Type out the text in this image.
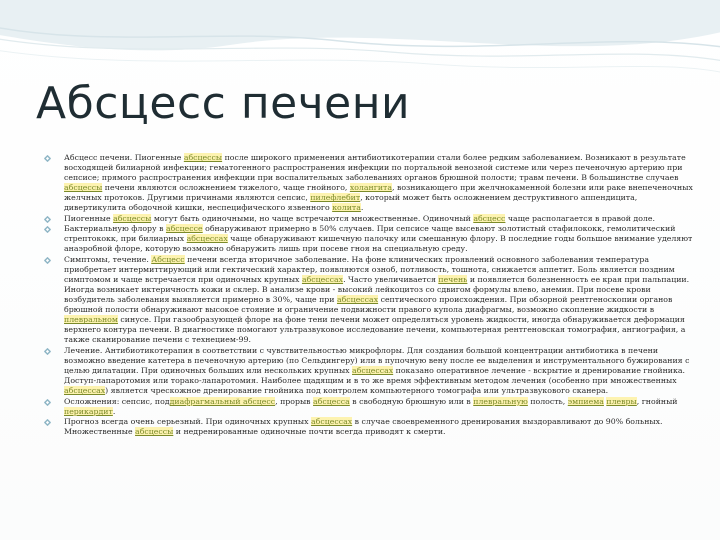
Абсцесс печени
Абсцесс печени. Пиогенные абсцессы после широкого применения антибиотикотерапии стали более редким заболеванием. Возникают в результате восходящей билиарной инфекции; гематогенного распространения инфекции по портальной венозной системе или через печеночную артерию при сепсисе; прямого распространения инфекции при воспалительных заболеваниях органов брюшной полости; травм печени. В большинстве случаев абсцессы печени являются осложнением тяжелого, чаще гнойного, холангита, возникающего при желчнокаменной болезни или раке внепеченочных желчных протоков. Другими причинами являются сепсис, пилефлебит, который может быть осложнением деструктивного аппендицита, дивертикулита ободочной кишки, неспецифического язвенного колита.
Пиогенные абсцессы могут быть одиночными, но чаще встречаются множественные. Одиночный абсцесс чаще располагается в правой доле.
Бактериальную флору в абсцессе обнаруживают примерно в 50% случаев. При сепсисе чаще высевают золотистый стафилококк, гемолитический стрептококк, при билиарных абсцессах чаще обнаруживают кишечную палочку или смешанную флору. В последние годы большое внимание уделяют анаэробной флоре, которую возможно обнаружить лишь при посеве гноя на специальную среду.
Симптомы, течение. Абсцесс печени всегда вторичное заболевание. На фоне клинических проявлений основного заболевания температура приобретает интермиттирующий или гектический характер, появляются озноб, потливость, тошнота, снижается аппетит. Боль является поздним симптомом и чаще встречается при одиночных крупных абсцессах. Часто увеличивается печень и появляется болезненность ее края при пальпации. Иногда возникает иктеричность кожи и склер. В анализе крови - высокий лейкоцитоз со сдвигом формулы влево, анемия. При посеве крови возбудитель заболевания выявляется примерно в 30%, чаще при абсцессах септического происхождения. При обзорной рентгеноскопии органов брюшной полости обнаруживают высокое стояние и ограничение подвижности правого купола диафрагмы, возможно скопление жидкости в плевральном синусе. При газообразующей флоре на фоне тени печени может определяться уровень жидкости, иногда обнаруживается деформация верхнего контура печени. В диагностике помогают ультразвуковое исследование печени, компьютерная рентгеновская томография, ангиография, а также сканирование печени с технецием-99.
Лечение. Антибиотикотерапия в соответствии с чувствительностью микрофлоры. Для создания большой концентрации антибиотика в печени возможно введение катетера в печеночную артерию (по Сельдингеру) или в пупочную вену после ее выделения и инструментального бужирования с целью дилатации. При одиночных больших или нескольких крупных абсцессах показано оперативное лечение - вскрытие и дренирование гнойника. Доступ-лапаротомия или торако-лапаротомия. Наиболее щадящим и в то же время эффективным методом лечения (особенно при множественных абсцессах) является чрескожное дренирование гнойника под контролем компьютерного томографа или ультразвукового сканера.
Осложнения: сепсис, поддиафрагмальный абсцесс, прорыв абсцесса в свободную брюшную или в плевральную полость, эмпиема плевры, гнойный перикардит.
Прогноз всегда очень серьезный. При одиночных крупных абсцессах в случае своевременного дренирования выздоравливают до 90% больных. Множественные абсцессы и недренированные одиночные почти всегда приводят к смерти.
